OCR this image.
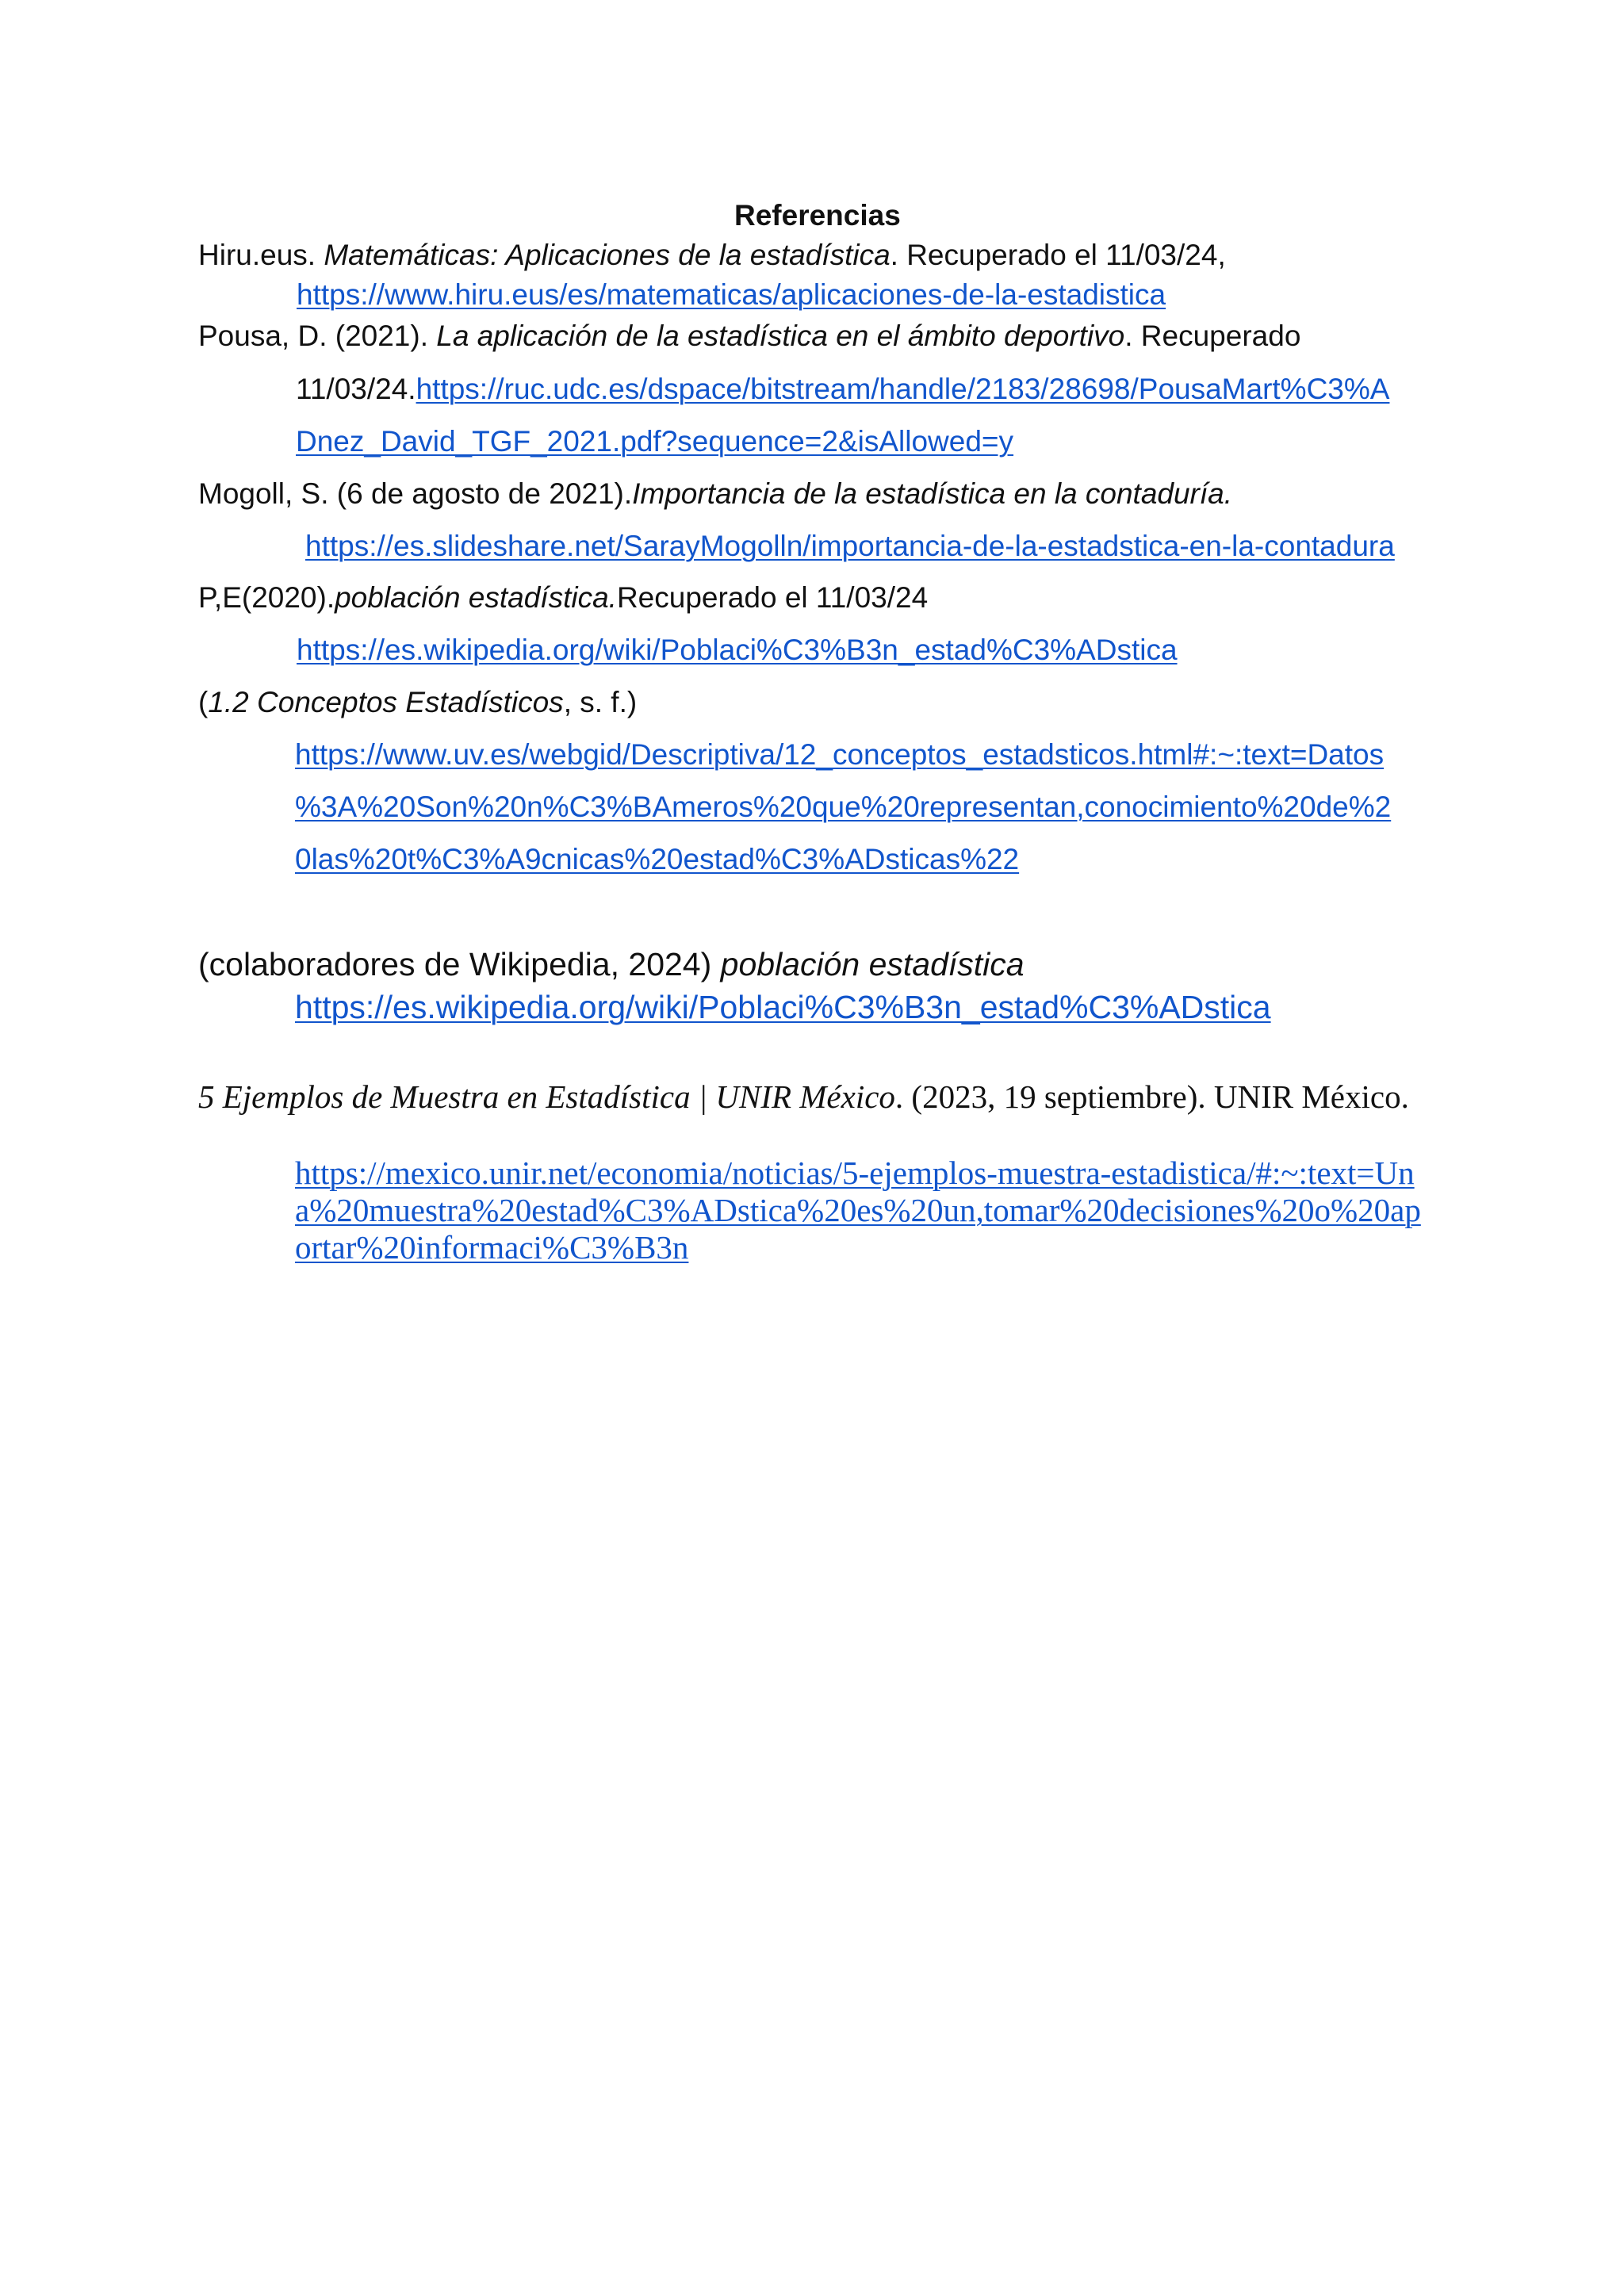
Referencias

Hiru.eus. Matemáticas: Aplicaciones de la estadística. Recuperado el 11/03/24,

https://www.hiru.eus/es/matematicas/aplicaciones-de-la-estadistica

Pousa, D. (2021). La aplicación de la estadística en el ámbito deportivo. Recuperado

11/03/24.https://ruc.udc.es/dspace/bitstream/handle/2183/28698/PousaMart%C3%A

Dnez_David_TGF_2021.pdf?sequence=2&isAllowed=y

Mogoll, S. (6 de agosto de 2021).Importancia de la estadística en la contaduría.

https://es.slideshare.net/SarayMogolln/importancia-de-la-estadstica-en-la-contadura

P,E(2020).población estadística.Recuperado el 11/03/24

https://es.wikipedia.org/wiki/Poblaci%C3%B3n_estad%C3%ADstica

(1.2 Conceptos Estadísticos, s. f.)

https://www.uv.es/webgid/Descriptiva/12_conceptos_estadsticos.html#:~:text=Datos

%3A%20Son%20n%C3%BAmeros%20que%20representan,conocimiento%20de%2

0las%20t%C3%A9cnicas%20estad%C3%ADsticas%22

(colaboradores de Wikipedia, 2024) población estadística

https://es.wikipedia.org/wiki/Poblaci%C3%B3n_estad%C3%ADstica

5 Ejemplos de Muestra en Estadística | UNIR México. (2023, 19 septiembre). UNIR México.

https://mexico.unir.net/economia/noticias/5-ejemplos-muestra-estadistica/#:~:text=Un

a%20muestra%20estad%C3%ADstica%20es%20un,tomar%20decisiones%20o%20ap

ortar%20informaci%C3%B3n
